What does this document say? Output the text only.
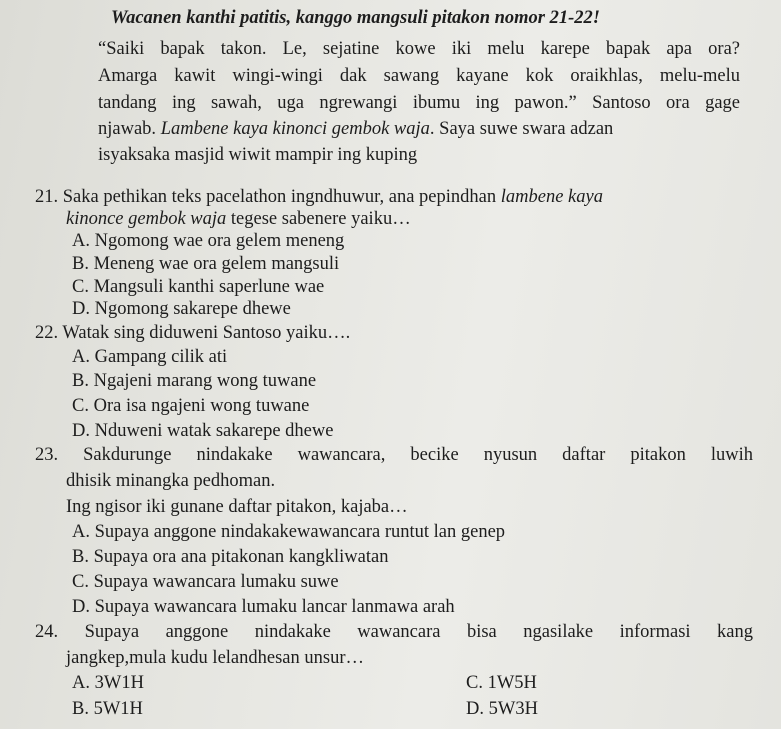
Wacanen kanthi patitis, kanggo mangsuli pitakon nomor 21-22!
“Saiki bapak takon. Le, sejatine kowe iki melu karepe bapak apa ora?
Amarga kawit wingi-wingi dak sawang kayane kok oraikhlas, melu-melu
tandang ing sawah, uga ngrewangi ibumu ing pawon.” Santoso ora gage
njawab. Lambene kaya kinonci gembok waja. Saya suwe swara adzan
isyaksaka masjid wiwit mampir ing kuping
21. Saka pethikan teks pacelathon ingndhuwur, ana pepindhan lambene kaya
kinonce gembok waja tegese sabenere yaiku…
A. Ngomong wae ora gelem meneng
B. Meneng wae ora gelem mangsuli
C. Mangsuli kanthi saperlune wae
D. Ngomong sakarepe dhewe
22. Watak sing diduweni Santoso yaiku….
A. Gampang cilik ati
B. Ngajeni marang wong tuwane
C. Ora isa ngajeni wong tuwane
D. Nduweni watak sakarepe dhewe
23. Sakdurunge nindakake wawancara, becike nyusun daftar pitakon luwih
dhisik minangka pedhoman.
Ing ngisor iki gunane daftar pitakon, kajaba…
A. Supaya anggone nindakakewawancara runtut lan genep
B. Supaya ora ana pitakonan kangkliwatan
C. Supaya wawancara lumaku suwe
D. Supaya wawancara lumaku lancar lanmawa arah
24. Supaya anggone nindakake wawancara bisa ngasilake informasi kang
jangkep,mula kudu lelandhesan unsur…
A. 3W1H	C. 1W5H
B. 5W1H	D. 5W3H
